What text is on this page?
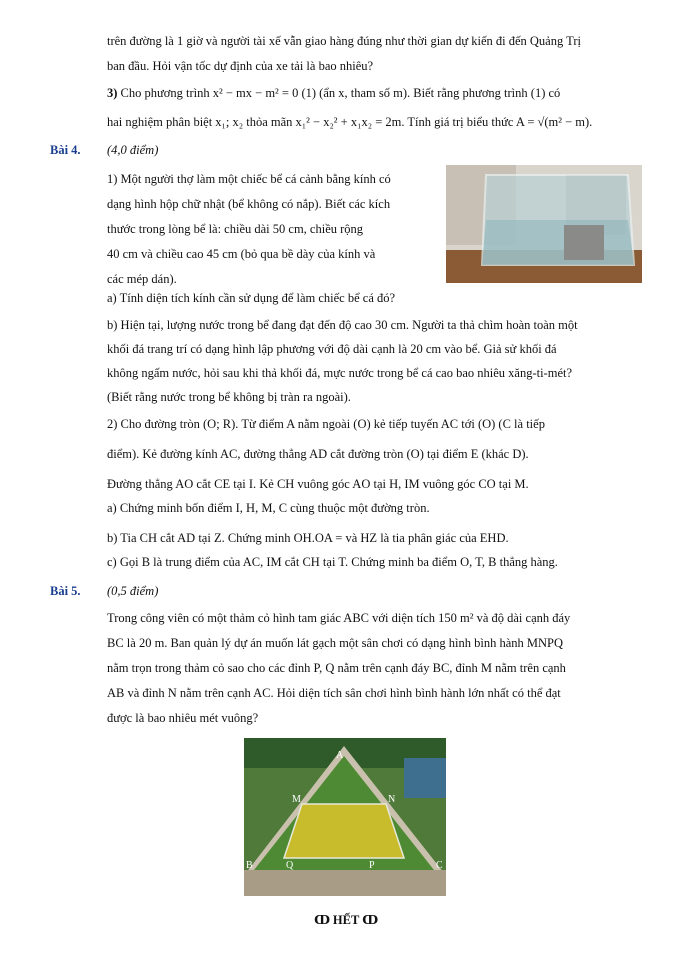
trên đường là 1 giờ và người tài xế vẫn giao hàng đúng như thời gian dự kiến đi đến Quảng Trị
ban đầu. Hỏi vận tốc dự định của xe tải là bao nhiêu?
3) Cho phương trình x² − mx − m² = 0 (1) (ẩn x, tham số m). Biết rằng phương trình (1) có
hai nghiệm phân biệt x₁; x₂ thỏa mãn x₁² − x₂² + x₁x₂ = 2m. Tính giá trị biểu thức A = √(m² − m).
Bài 4. (4,0 điểm)
1) Một người thợ làm một chiếc bể cá cảnh bằng kính có
dạng hình hộp chữ nhật (bể không có nắp). Biết các kích
thước trong lòng bể là: chiều dài 50 cm, chiều rộng
40 cm và chiều cao 45 cm (bỏ qua bề dày của kính và
các mép dán).
a) Tính diện tích kính cần sử dụng để làm chiếc bể cá đó?
b) Hiện tại, lượng nước trong bể đang đạt đến độ cao 30 cm. Người ta thả chìm hoàn toàn một
khối đá trang trí có dạng hình lập phương với độ dài cạnh là 20 cm vào bể. Giả sử khối đá
không ngấm nước, hỏi sau khi thả khối đá, mực nước trong bể cá cao bao nhiêu xăng-ti-mét?
(Biết rằng nước trong bể không bị tràn ra ngoài).
2) Cho đường tròn (O; R). Từ điểm A nằm ngoài (O) kẻ tiếp tuyến AC tới (O) (C là tiếp
điểm). Kẻ đường kính AC, đường thẳng AD cắt đường tròn (O) tại điểm E (khác D).
Đường thẳng AO cắt CE tại I. Kẻ CH vuông góc AO tại H, IM vuông góc CO tại M.
a) Chứng minh bốn điểm I, H, M, C cùng thuộc một đường tròn.
b) Tia CH cắt AD tại Z. Chứng minh OH.OA = và HZ là tia phân giác của EHD.
c) Gọi B là trung điểm của AC, IM cắt CH tại T. Chứng minh ba điểm O, T, B thẳng hàng.
Bài 5. (0,5 điểm)
Trong công viên có một thảm cỏ hình tam giác ABC với diện tích 150 m² và độ dài cạnh đáy
BC là 20 m. Ban quản lý dự án muốn lát gạch một sân chơi có dạng hình bình hành MNPQ
nằm trọn trong thảm cỏ sao cho các đỉnh P, Q nằm trên cạnh đáy BC, đỉnh M nằm trên cạnh
AB và đỉnh N nằm trên cạnh AC. Hỏi diện tích sân chơi hình bình hành lớn nhất có thể đạt
được là bao nhiêu mét vuông?
A
M	N
B	Q	P	C
ↀ HẾT ↀ
